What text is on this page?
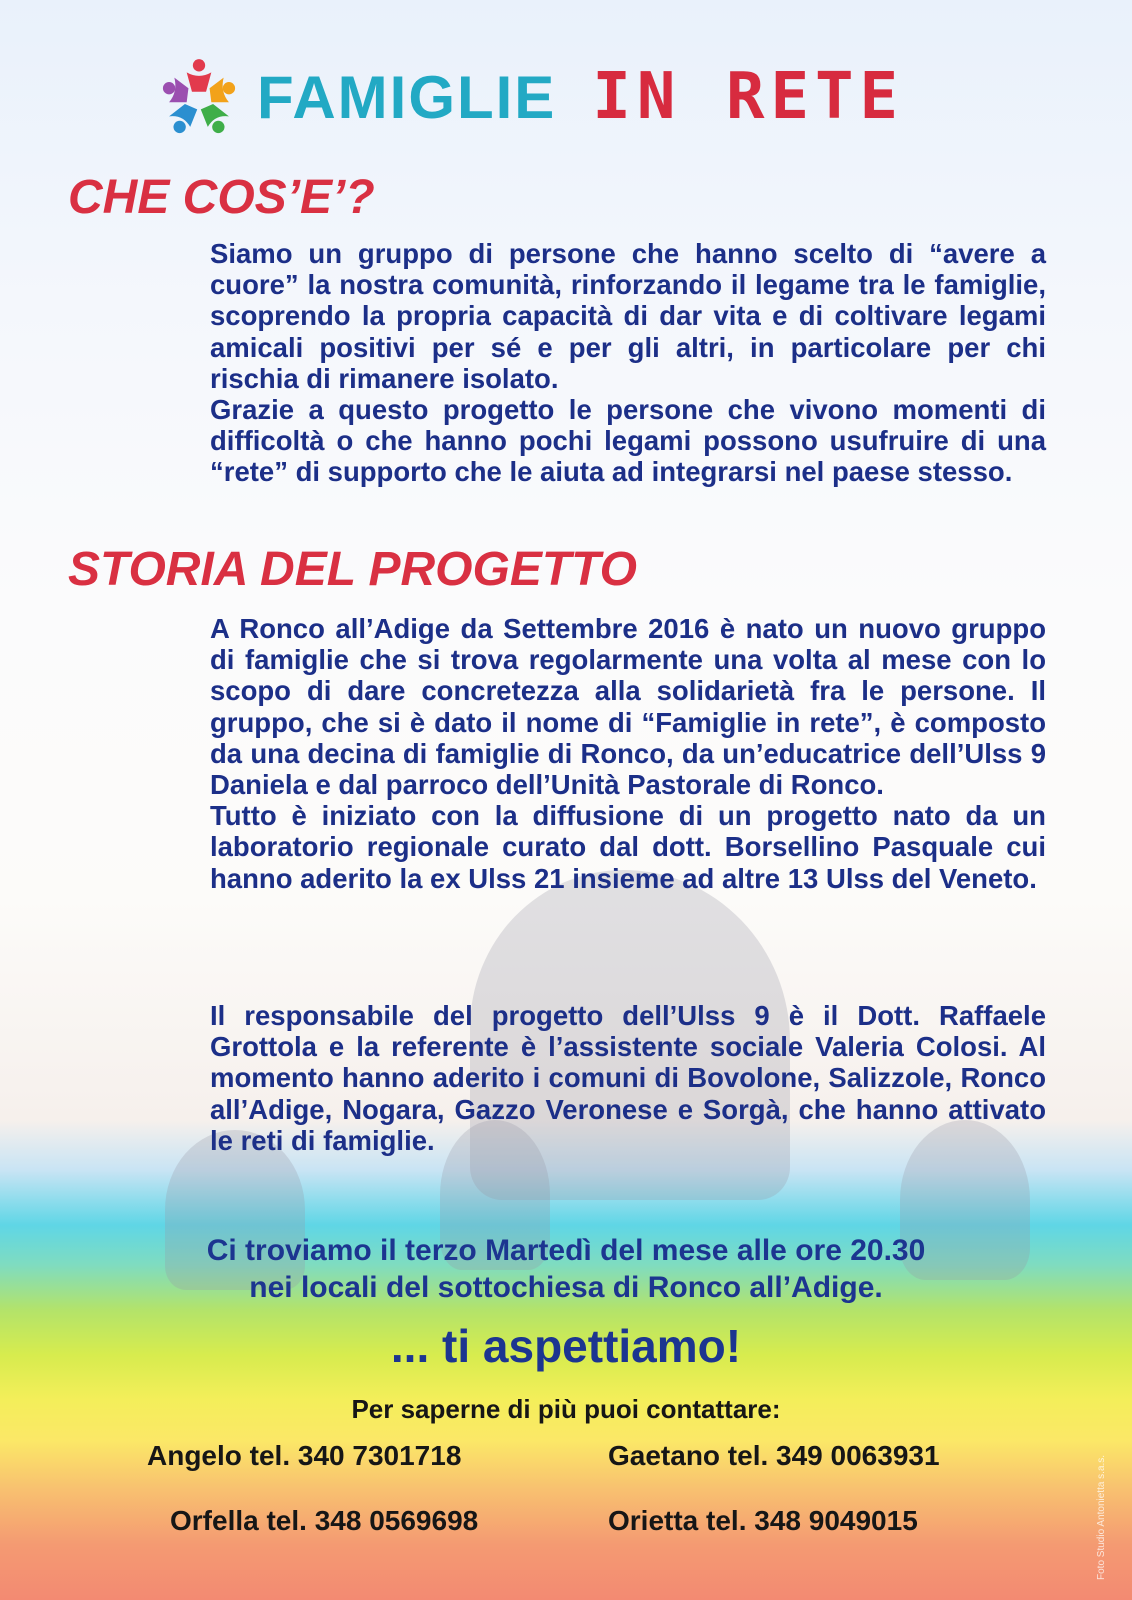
FAMIGLIE IN RETE
CHE COS’E’?

Siamo un gruppo di persone che hanno scelto di “avere a cuore” la nostra comunità, rinforzando il legame tra le famiglie, scoprendo la propria capacità di dar vita e di coltivare legami amicali positivi per sé e per gli altri, in particolare per chi rischia di rimanere isolato.

Grazie a questo progetto le persone che vivono momenti di difficoltà o che hanno pochi legami possono usufruire di una “rete” di supporto che le aiuta ad integrarsi nel paese stesso.

STORIA DEL PROGETTO

A Ronco all’Adige da Settembre 2016 è nato un nuovo gruppo di famiglie che si trova regolarmente una volta al mese con lo scopo di dare concretezza alla solidarietà fra le persone. Il gruppo, che si è dato il nome di “Famiglie in rete”, è composto da una decina di famiglie di Ronco, da un’educatrice dell’Ulss 9 Daniela e dal parroco dell’Unità Pastorale di Ronco.

Tutto è iniziato con la diffusione di un progetto nato da un laboratorio regionale curato dal dott. Borsellino Pasquale cui hanno aderito la ex Ulss 21 insieme ad altre 13 Ulss del Veneto.

Il responsabile del progetto dell’Ulss 9 è il Dott. Raffaele Grottola e la referente è l’assistente sociale Valeria Colosi. Al momento hanno aderito i comuni di Bovolone, Salizzole, Ronco all’Adige, Nogara, Gazzo Veronese e Sorgà, che hanno attivato le reti di famiglie.

Ci troviamo il terzo Martedì del mese alle ore 20.30
nei locali del sottochiesa di Ronco all’Adige.
... ti aspettiamo!
Per saperne di più puoi contattare:
Angelo tel. 340 7301718	Gaetano tel. 349 0063931
Orfella tel. 348 0569698	Orietta tel. 348 9049015	Foto Studio Antonietta s.a.s.
